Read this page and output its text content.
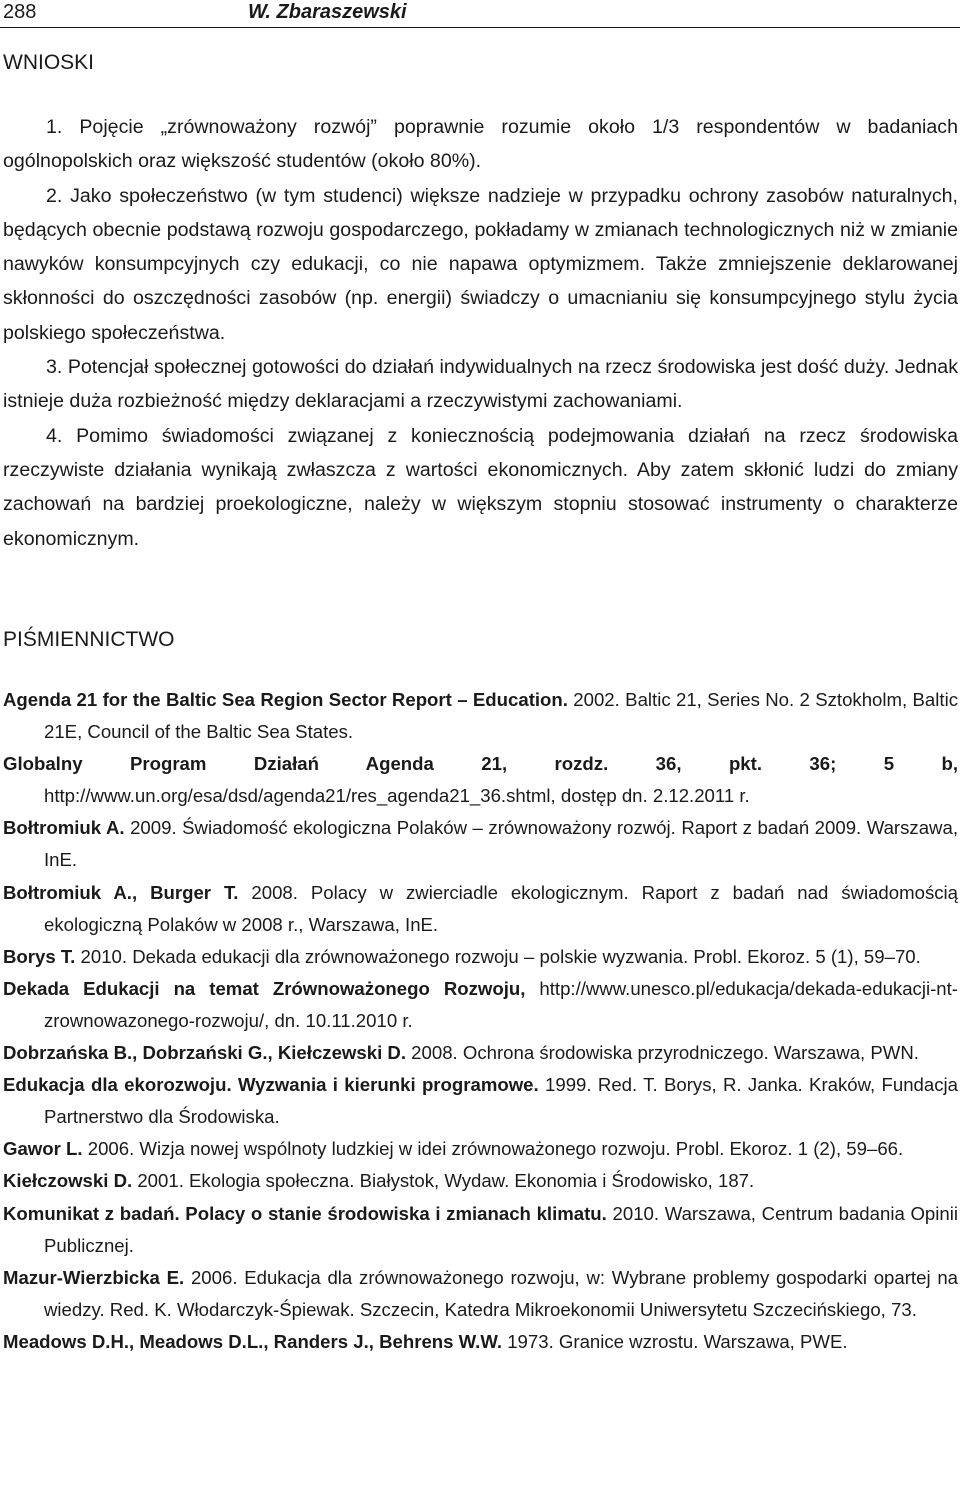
288	W. Zbaraszewski
WNIOSKI

1. Pojęcie „zrównoważony rozwój” poprawnie rozumie około 1/3 respondentów w badaniach ogólnopolskich oraz większość studentów (około 80%).

2. Jako społeczeństwo (w tym studenci) większe nadzieje w przypadku ochrony zasobów naturalnych, będących obecnie podstawą rozwoju gospodarczego, pokładamy w zmianach technologicznych niż w zmianie nawyków konsumpcyjnych czy edukacji, co nie napawa optymizmem. Także zmniejszenie deklarowanej skłonności do oszczędności zasobów (np. energii) świadczy o umacnianiu się konsumpcyjnego stylu życia polskiego społeczeństwa.

3. Potencjał społecznej gotowości do działań indywidualnych na rzecz środowiska jest dość duży. Jednak istnieje duża rozbieżność między deklaracjami a rzeczywistymi zachowaniami.

4. Pomimo świadomości związanej z koniecznością podejmowania działań na rzecz środowiska rzeczywiste działania wynikają zwłaszcza z wartości ekonomicznych. Aby zatem skłonić ludzi do zmiany zachowań na bardziej proekologiczne, należy w większym stopniu stosować instrumenty o charakterze ekonomicznym.

PIŚMIENNICTWO

Agenda 21 for the Baltic Sea Region Sector Report – Education. 2002. Baltic 21, Series No. 2 Sztokholm, Baltic 21E, Council of the Baltic Sea States.

Globalny Program Działań Agenda 21, rozdz. 36, pkt. 36; 5 b, http://www.un.org/esa/dsd/agenda21/res_agenda21_36.shtml, dostęp dn. 2.12.2011 r.

Bołtromiuk A. 2009. Świadomość ekologiczna Polaków – zrównoważony rozwój. Raport z badań 2009. Warszawa, InE.

Bołtromiuk A., Burger T. 2008. Polacy w zwierciadle ekologicznym. Raport z badań nad świadomością ekologiczną Polaków w 2008 r., Warszawa, InE.

Borys T. 2010. Dekada edukacji dla zrównoważonego rozwoju – polskie wyzwania. Probl. Ekoroz. 5 (1), 59–70.

Dekada Edukacji na temat Zrównoważonego Rozwoju, http://www.unesco.pl/edukacja/dekada-edukacji-nt-zrownowazonego-rozwoju/, dn. 10.11.2010 r.

Dobrzańska B., Dobrzański G., Kiełczewski D. 2008. Ochrona środowiska przyrodniczego. Warszawa, PWN.

Edukacja dla ekorozwoju. Wyzwania i kierunki programowe. 1999. Red. T. Borys, R. Janka. Kraków, Fundacja Partnerstwo dla Środowiska.

Gawor L. 2006. Wizja nowej wspólnoty ludzkiej w idei zrównoważonego rozwoju. Probl. Ekoroz. 1 (2), 59–66.

Kiełczowski D. 2001. Ekologia społeczna. Białystok, Wydaw. Ekonomia i Środowisko, 187.

Komunikat z badań. Polacy o stanie środowiska i zmianach klimatu. 2010. Warszawa, Centrum badania Opinii Publicznej.

Mazur-Wierzbicka E. 2006. Edukacja dla zrównoważonego rozwoju, w: Wybrane problemy gospodarki opartej na wiedzy. Red. K. Włodarczyk-Śpiewak. Szczecin, Katedra Mikroekonomii Uniwersytetu Szczecińskiego, 73.

Meadows D.H., Meadows D.L., Randers J., Behrens W.W. 1973. Granice wzrostu. Warszawa, PWE.
